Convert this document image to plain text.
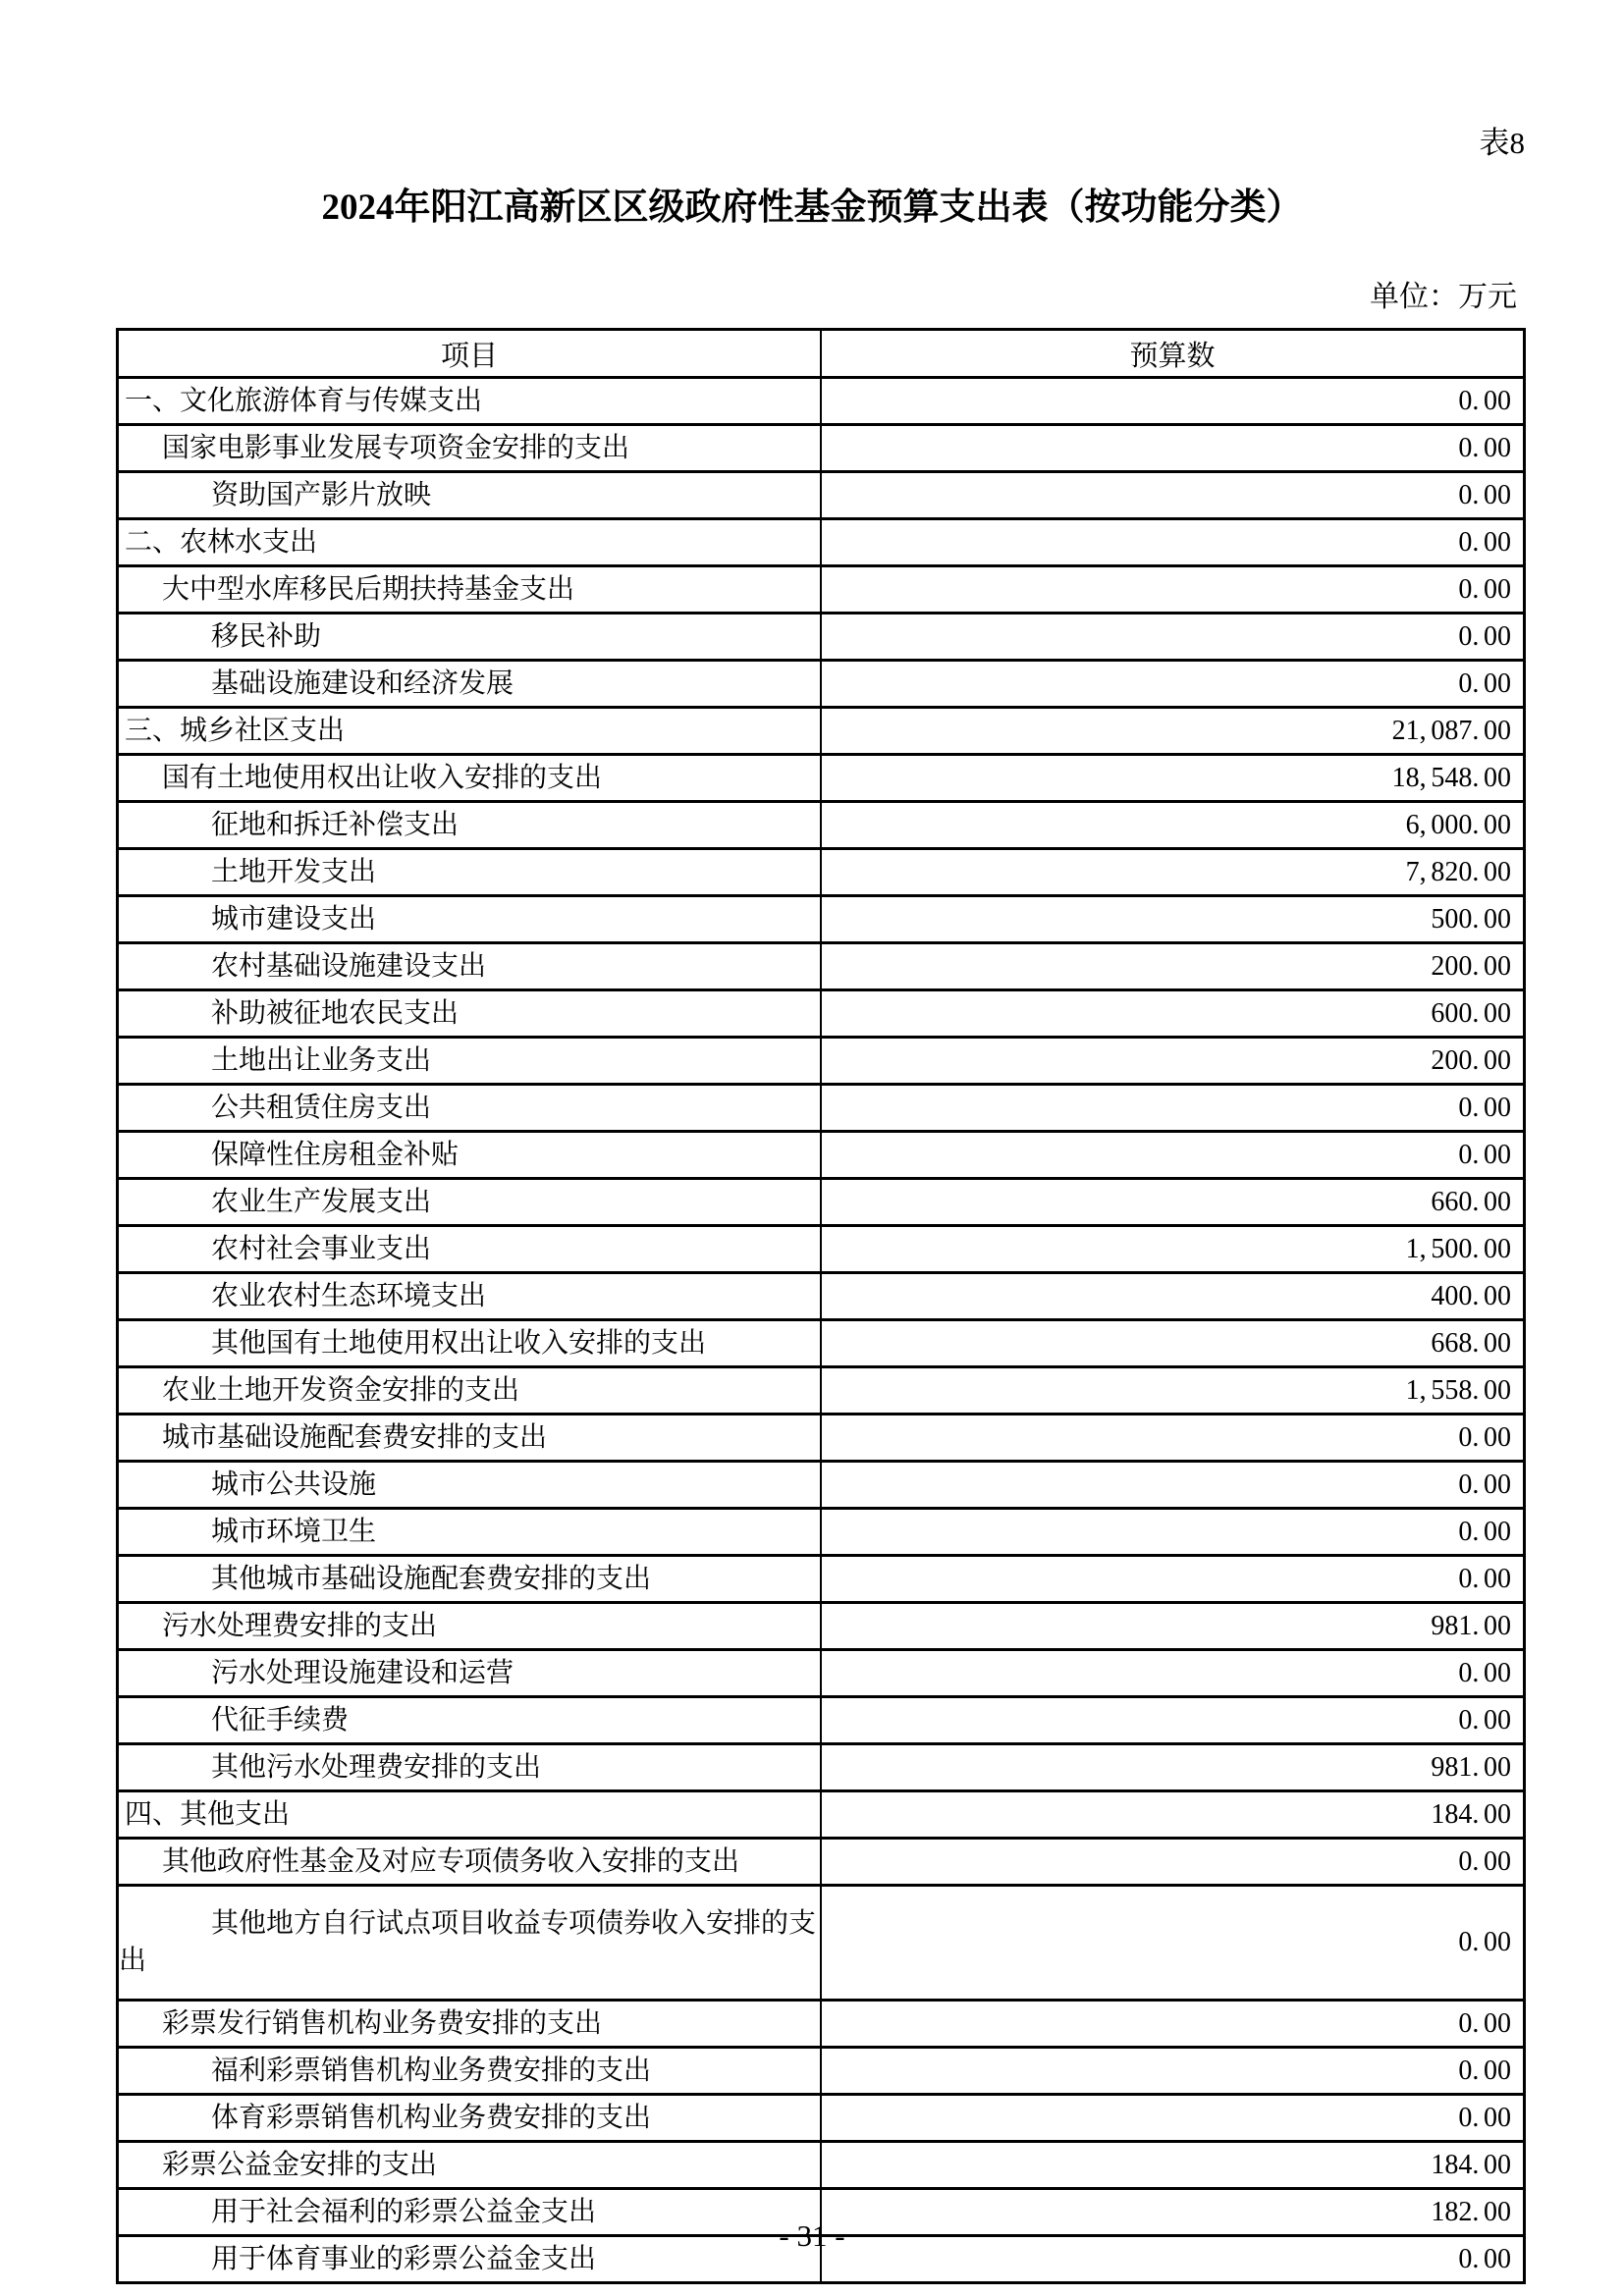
表8
2024年阳江高新区区级政府性基金预算支出表（按功能分类）
单位：万元
项目	预算数

一、文化旅游体育与传媒支出	0. 00

国家电影事业发展专项资金安排的支出	0. 00

资助国产影片放映	0. 00

二、农林水支出	0. 00

大中型水库移民后期扶持基金支出	0. 00

移民补助	0. 00

基础设施建设和经济发展	0. 00

三、城乡社区支出	21, 087. 00

国有土地使用权出让收入安排的支出	18, 548. 00

征地和拆迁补偿支出	6, 000. 00

土地开发支出	7, 820. 00

城市建设支出	500. 00

农村基础设施建设支出	200. 00

补助被征地农民支出	600. 00

土地出让业务支出	200. 00

公共租赁住房支出	0. 00

保障性住房租金补贴	0. 00

农业生产发展支出	660. 00

农村社会事业支出	1, 500. 00

农业农村生态环境支出	400. 00

其他国有土地使用权出让收入安排的支出	668. 00

农业土地开发资金安排的支出	1, 558. 00

城市基础设施配套费安排的支出	0. 00

城市公共设施	0. 00

城市环境卫生	0. 00

其他城市基础设施配套费安排的支出	0. 00

污水处理费安排的支出	981. 00

污水处理设施建设和运营	0. 00

代征手续费	0. 00

其他污水处理费安排的支出	981. 00

四、其他支出	184. 00

其他政府性基金及对应专项债务收入安排的支出	0. 00

其他地方自行试点项目收益专项债券收入安排的支出	0. 00

彩票发行销售机构业务费安排的支出	0. 00

福利彩票销售机构业务费安排的支出	0. 00

体育彩票销售机构业务费安排的支出	0. 00

彩票公益金安排的支出	184. 00

用于社会福利的彩票公益金支出	182. 00

用于体育事业的彩票公益金支出	0. 00
- 31 -
